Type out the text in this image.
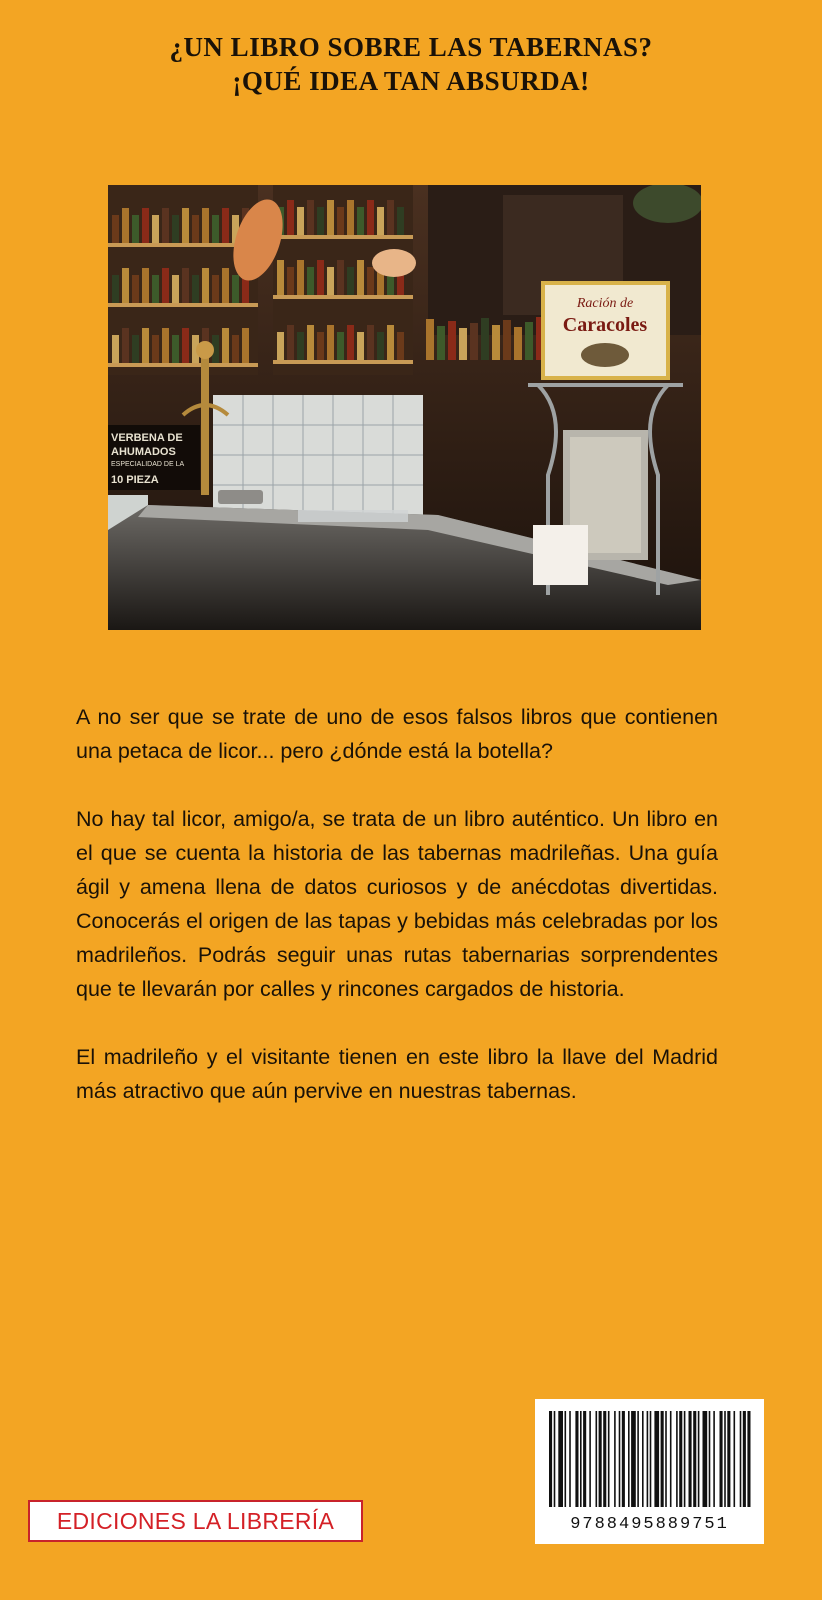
¿UN LIBRO SOBRE LAS TABERNAS?
¡QUÉ IDEA TAN ABSURDA!
VERBENA DE
AHUMADOS
ESPECIALIDAD DE LA
10 PIEZA
Ración de
Caracoles

A no ser que se trate de uno de esos falsos libros que contienen una petaca de licor... pero ¿dónde está la botella?

No hay tal licor, amigo/a, se trata de un libro auténtico. Un libro en el que se cuenta la historia de las tabernas madrileñas. Una guía ágil y amena llena de datos curiosos y de anécdotas divertidas. Conocerás el origen de las tapas y bebidas más celebradas por los madrileños. Podrás seguir unas rutas tabernarias sorprendentes que te llevarán por calles y rincones cargados de historia.

El madrileño y el visitante tienen en este libro la llave del Madrid más atractivo que aún pervive en nuestras tabernas.

EDICIONES LA LIBRERÍA	9788495889751
